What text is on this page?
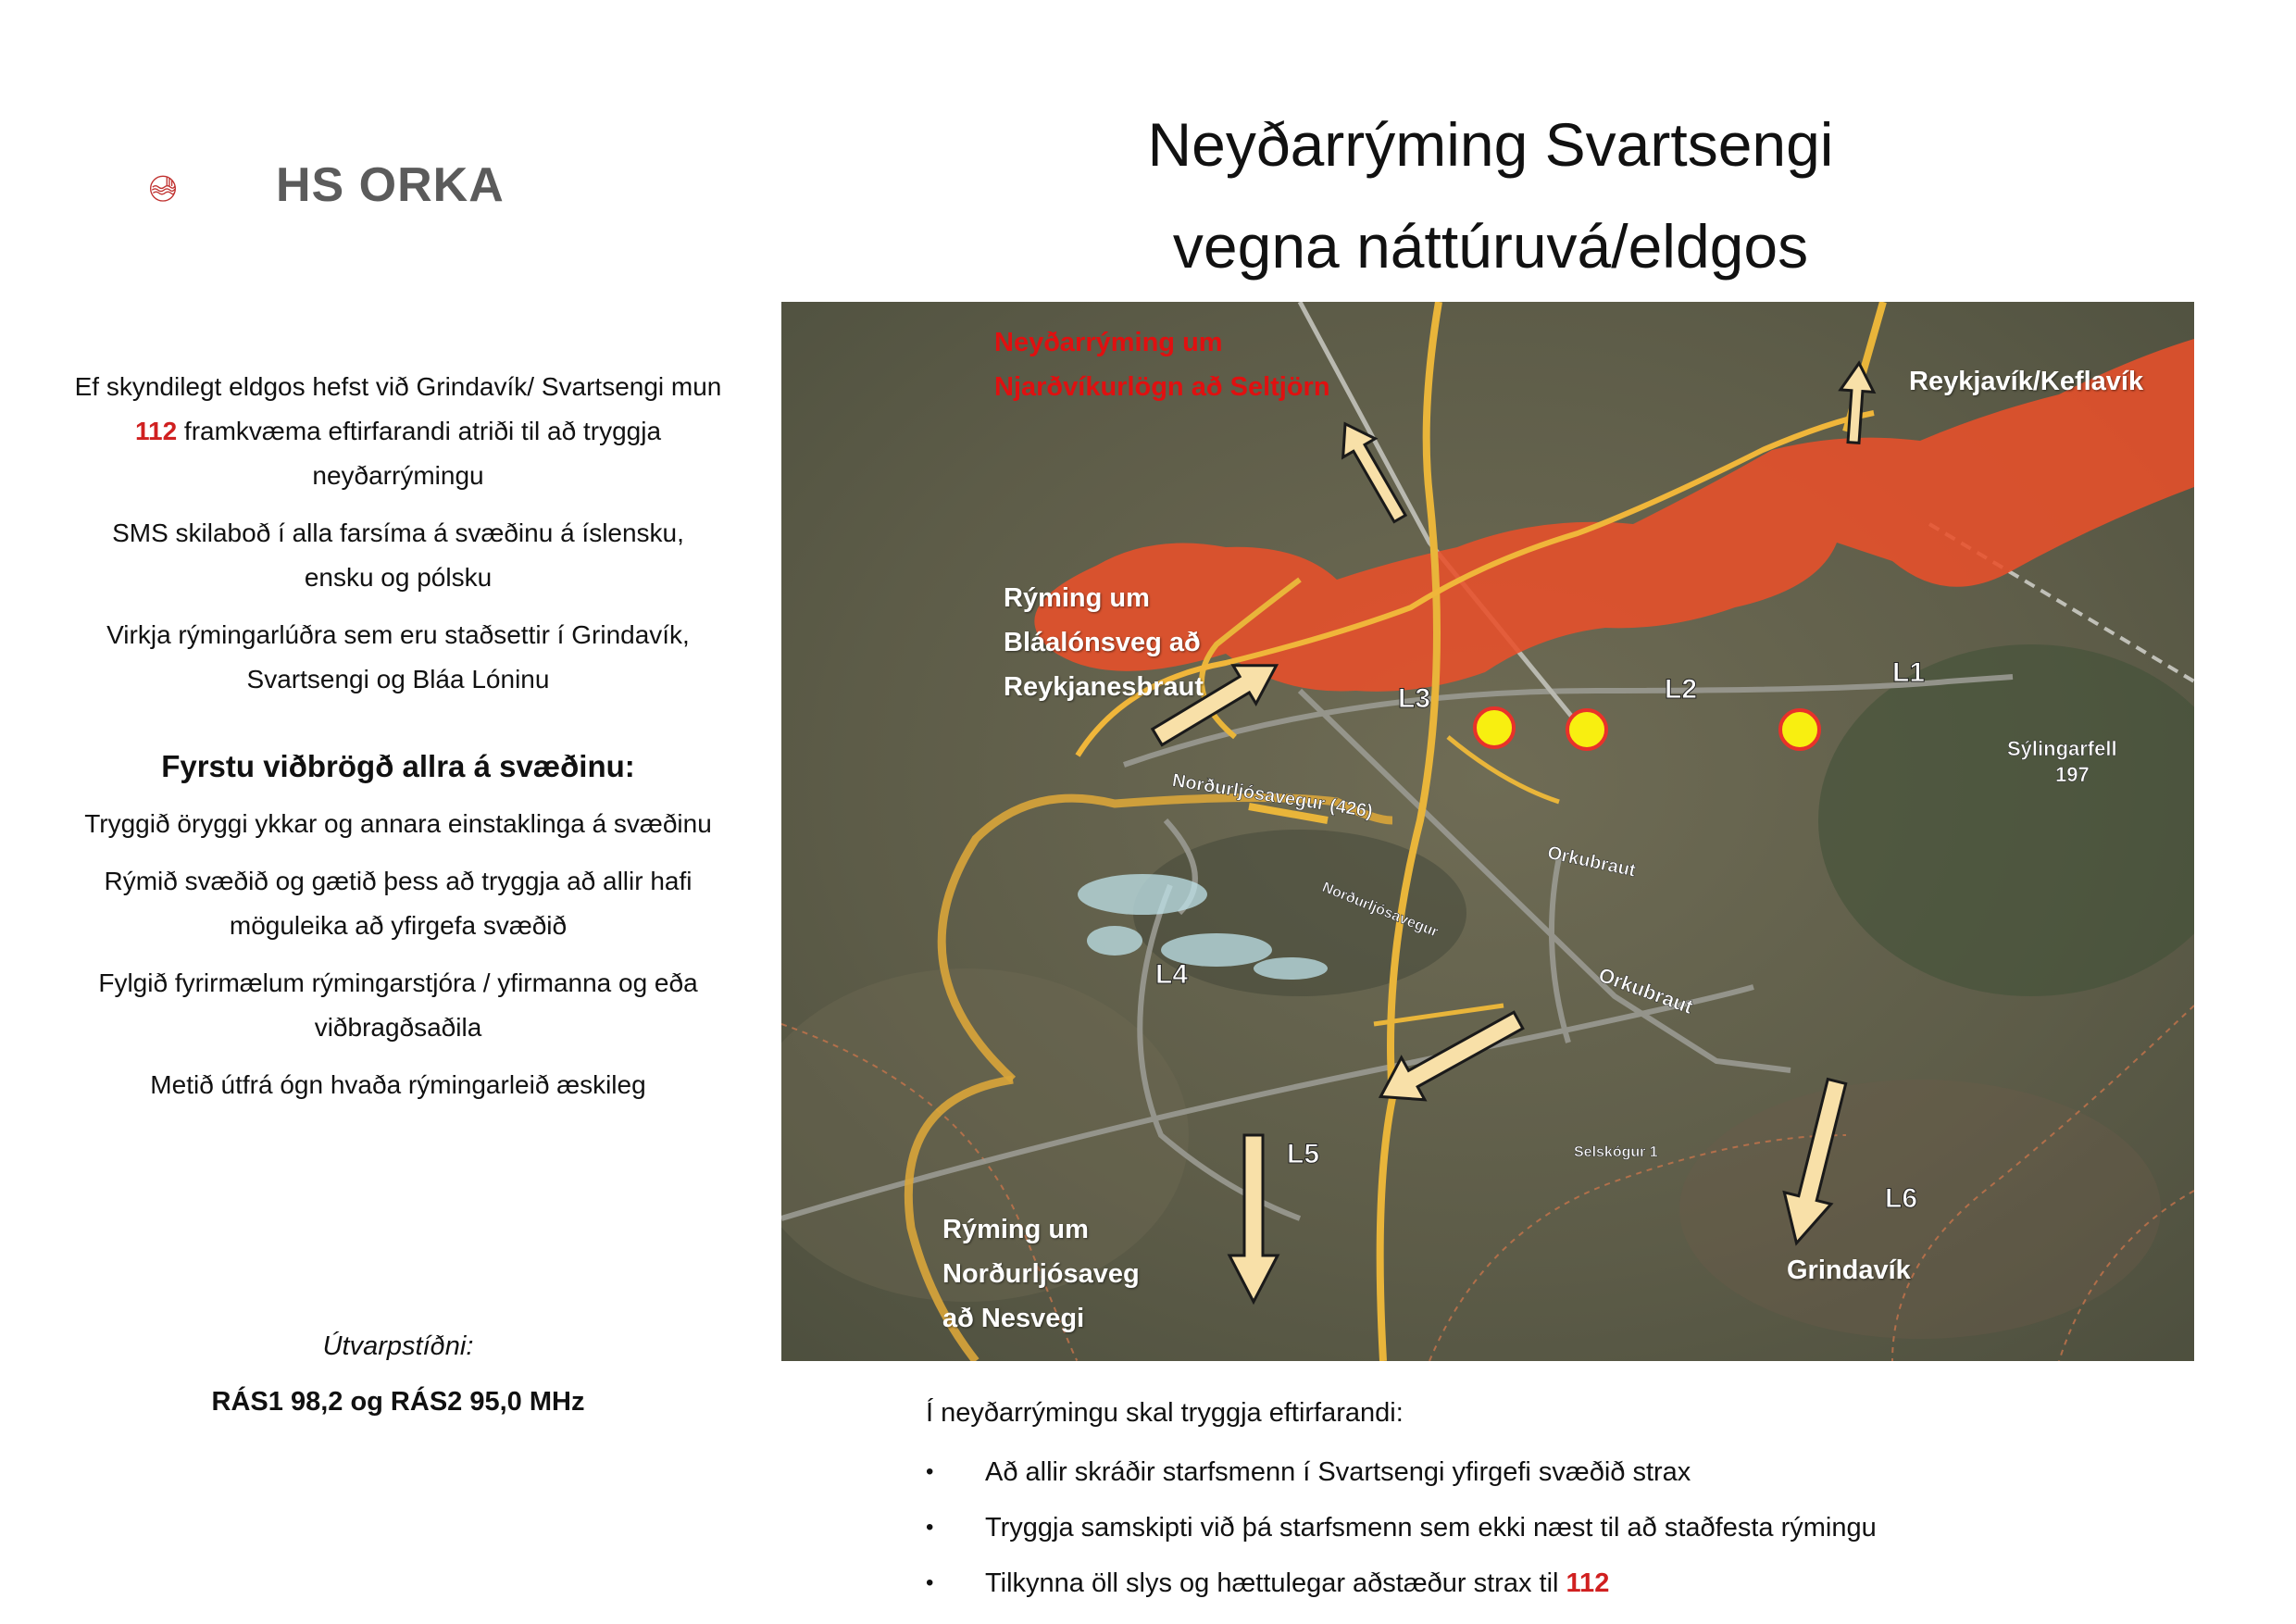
HS ORKA
Neyðarrýming Svartsengi
vegna náttúruvá/eldgos

Ef skyndilegt eldgos hefst við Grindavík/ Svartsengi mun 112 framkvæma eftirfarandi atriði til að tryggja neyðarrýmingu

SMS skilaboð í alla farsíma á svæðinu á íslensku, ensku og pólsku

Virkja rýmingarlúðra sem eru staðsettir í Grindavík, Svartsengi og Bláa Lóninu

Fyrstu viðbrögð allra á svæðinu:

Tryggið öryggi ykkar og annara einstaklinga á svæðinu

Rýmið svæðið og gætið þess að tryggja að allir hafi möguleika að yfirgefa svæðið

Fylgið fyrirmælum rýmingarstjóra / yfirmanna og eða viðbragðsaðila

Metið útfrá ógn hvaða rýmingarleið æskileg

Útvarpstíðni:
RÁS1 98,2 og RÁS2 95,0 MHz
Neyðarrýming um
Njarðvíkurlögn að Seltjörn	Reykjavík/Keflavík
Rýming um
Bláalónsveg að
Reykjanesbraut
Rýming um
Norðurljósaveg
að Nesvegi
Grindavík
L1
L2
L3
L4
L5
L6
Sýlingarfell
197
Norðurljósavegur (426)
Norðurljósavegur
Orkubraut
Orkubraut
Selskógur 1
Í neyðarrýmingu skal tryggja eftirfarandi:
• Að allir skráðir starfsmenn í Svartsengi yfirgefi svæðið strax
• Tryggja samskipti við þá starfsmenn sem ekki næst til að staðfesta rýmingu
• Tilkynna öll slys og hættulegar aðstæður strax til 112
